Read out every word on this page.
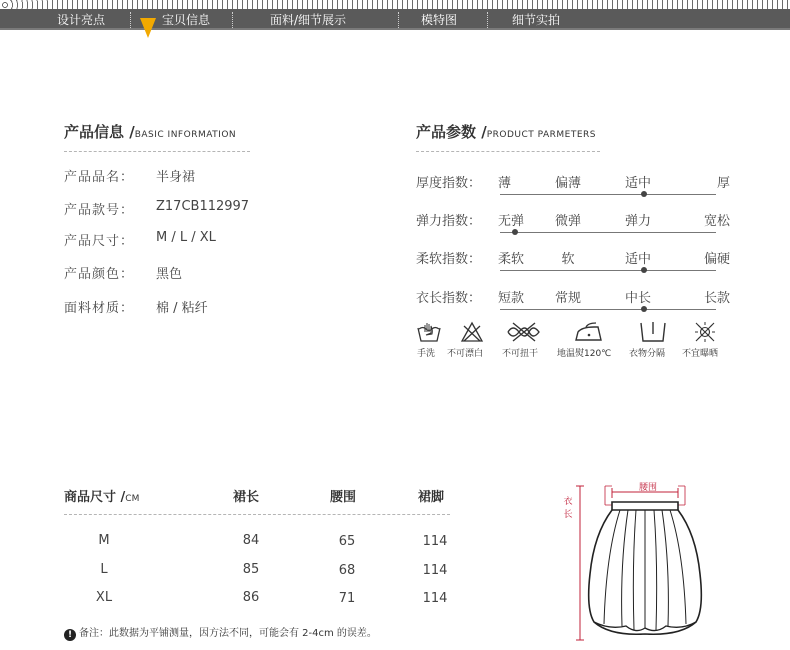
设计亮点	宝贝信息	面料/细节展示	模特图	细节实拍
产品信息 /BASIC INFORMATION
产品品名： 半身裙
产品款号： Z17CB112997
产品尺寸： M / L / XL
产品颜色： 黑色
面料材质： 棉 / 粘纤
产品参数 /PRODUCT PARMETERS
厚度指数： 薄	偏薄	适中	厚
弹力指数： 无弹	微弹	弹力	宽松
柔软指数： 柔软	软	适中	偏硬
衣长指数： 短款	常规	中长	长款
手洗 不可漂白 不可扭干 地温熨120℃ 衣物分隔 不宜曝晒
商品尺寸 /CM	裙长	腰围	裙脚
M	84	65	114
L	85	68	114
XL	86	71	114
! 备注：此数据为平铺测量，因方法不同，可能会有 2-4cm 的误差。
腰围
衣长
